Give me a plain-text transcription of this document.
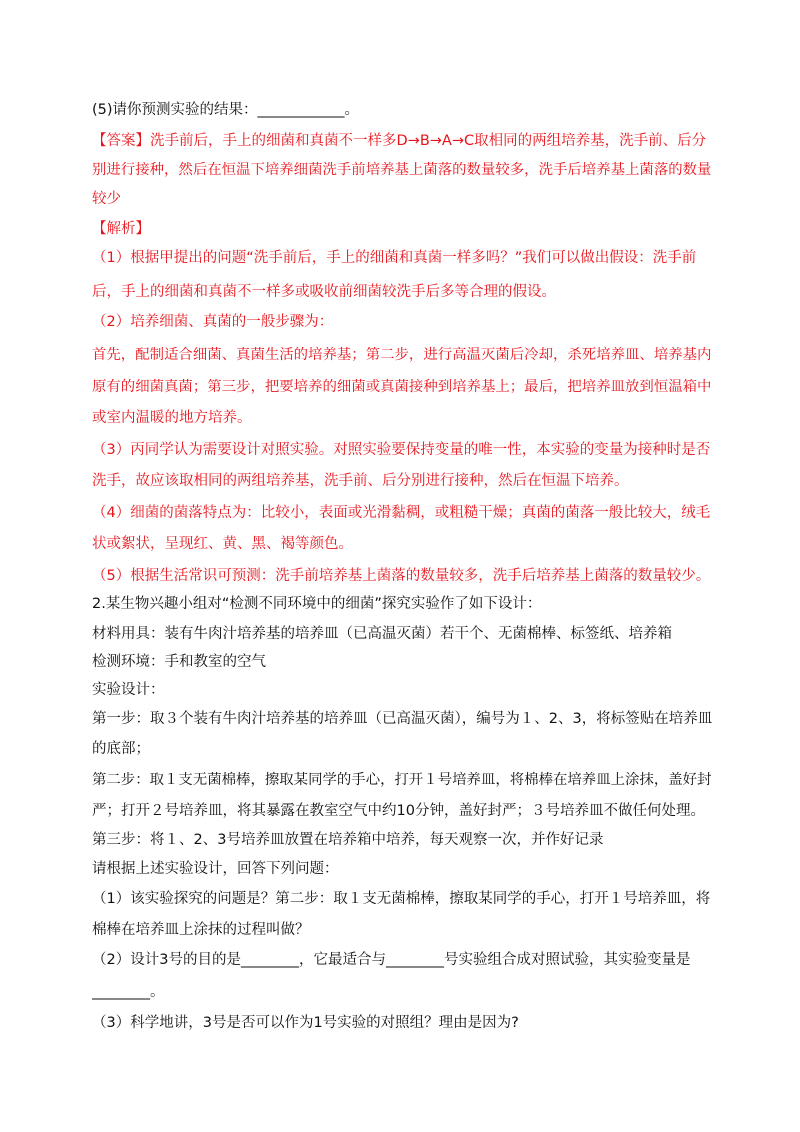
(5)请你预测实验的结果：____________。
【答案】洗手前后，手上的细菌和真菌不一样多D→B→A→C取相同的两组培养基，洗手前、后分
别进行接种，然后在恒温下培养细菌洗手前培养基上菌落的数量较多，洗手后培养基上菌落的数量
较少
【解析】
（1）根据甲提出的问题“洗手前后，手上的细菌和真菌一样多吗？”我们可以做出假设：洗手前
后，手上的细菌和真菌不一样多或吸收前细菌较洗手后多等合理的假设。
（2）培养细菌、真菌的一般步骤为：
首先，配制适合细菌、真菌生活的培养基；第二步，进行高温灭菌后冷却，杀死培养皿、培养基内
原有的细菌真菌；第三步，把要培养的细菌或真菌接种到培养基上；最后，把培养皿放到恒温箱中
或室内温暖的地方培养。
（3）丙同学认为需要设计对照实验。对照实验要保持变量的唯一性，本实验的变量为接种时是否
洗手，故应该取相同的两组培养基，洗手前、后分别进行接种，然后在恒温下培养。
（4）细菌的菌落特点为：比较小，表面或光滑黏稠，或粗糙干燥；真菌的菌落一般比较大，绒毛
状或絮状，呈现红、黄、黑、褐等颜色。
（5）根据生活常识可预测：洗手前培养基上菌落的数量较多，洗手后培养基上菌落的数量较少。
2.某生物兴趣小组对“检测不同环境中的细菌”探究实验作了如下设计：
材料用具：装有牛肉汁培养基的培养皿（已高温灭菌）若干个、无菌棉棒、标签纸、培养箱
检测环境：手和教室的空气
实验设计：
第一步：取３个装有牛肉汁培养基的培养皿（已高温灭菌），编号为１、2、3，将标签贴在培养皿
的底部；
第二步：取１支无菌棉棒，擦取某同学的手心，打开１号培养皿，将棉棒在培养皿上涂抹，盖好封
严；打开２号培养皿，将其暴露在教室空气中约10分钟，盖好封严；３号培养皿不做任何处理。
第三步：将１、2、3号培养皿放置在培养箱中培养，每天观察一次，并作好记录
请根据上述实验设计，回答下列问题：
（1）该实验探究的问题是？第二步：取１支无菌棉棒，擦取某同学的手心，打开１号培养皿，将
棉棒在培养皿上涂抹的过程叫做？
（2）设计3号的目的是________，它最适合与________号实验组合成对照试验，其实验变量是
________。
（3）科学地讲，3号是否可以作为1号实验的对照组？理由是因为?
